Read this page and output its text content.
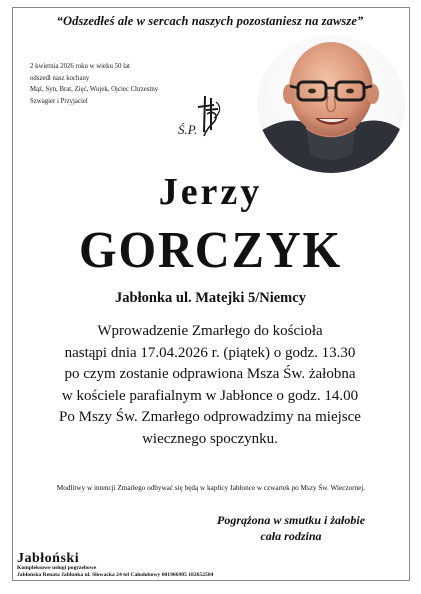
“Odszedłeś ale w sercach naszych pozostaniesz na zawsze”
2 kwietnia 2026 roku w wieku 50 lat
odszedł nasz kochany
Mąż, Syn, Brat, Zięć, Wujek, Ojciec Chrzestny
Szwagier i Przyjaciel
Ś.P.
Jerzy
GORCZYK
Jabłonka ul. Matejki 5/Niemcy
Wprowadzenie Zmarłego do kościoła
nastąpi dnia 17.04.2026 r. (piątek) o godz. 13.30
po czym zostanie odprawiona Msza Św. żałobna
w kościele parafialnym w Jabłonce o godz. 14.00
Po Mszy Św. Zmarłego odprowadzimy na miejsce
wiecznego spoczynku.
Modlitwy w intencji Zmarłego odbywać się będą w kaplicy Jabłonce w czwartek po Mszy Św. Wieczornej.
Pogrążona w smutku i żałobie
cała rodzina
Jabłoński
Kompleksowe usługi pogrzebowe
Jabłońska Renata Jabłonka ul. Słowacka 24 tel Całodobowy 601966905 182652584
